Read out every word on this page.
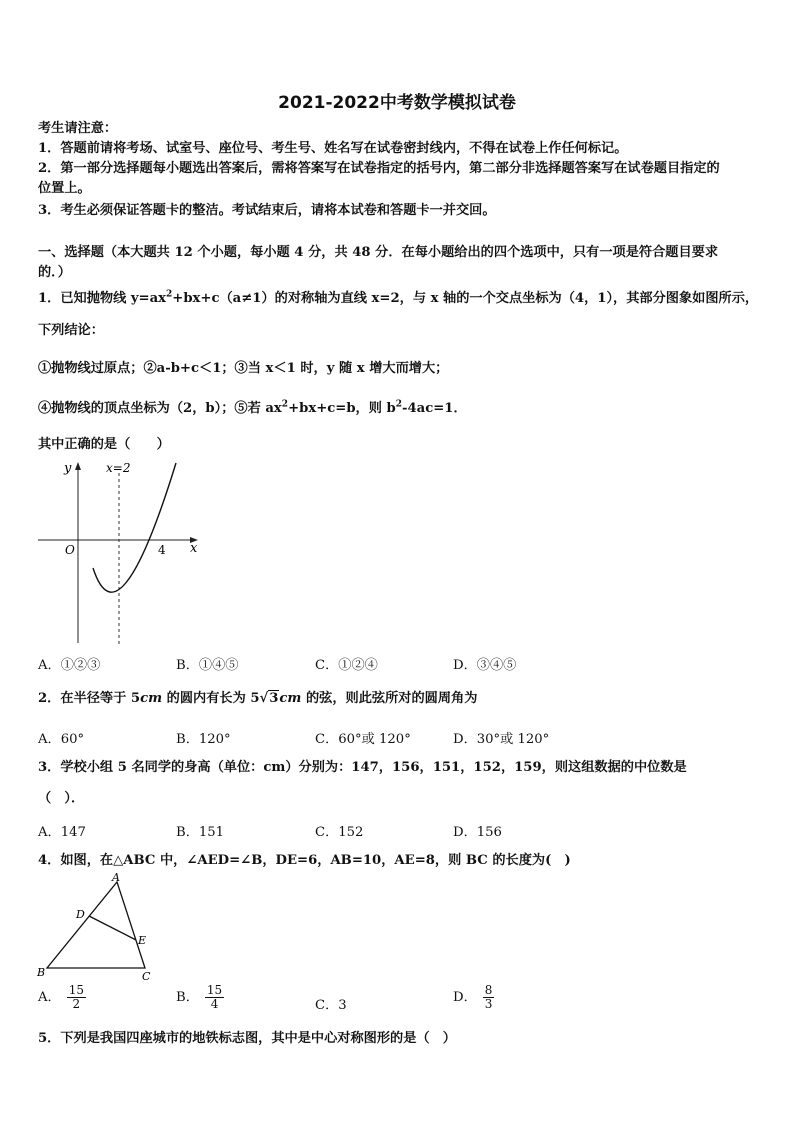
2021-2022中考数学模拟试卷
考生请注意：
1．答题前请将考场、试室号、座位号、考生号、姓名写在试卷密封线内，不得在试卷上作任何标记。
2．第一部分选择题每小题选出答案后，需将答案写在试卷指定的括号内，第二部分非选择题答案写在试卷题目指定的
位置上。
3．考生必须保证答题卡的整洁。考试结束后，请将本试卷和答题卡一并交回。
一、选择题（本大题共 12 个小题，每小题 4 分，共 48 分．在每小题给出的四个选项中，只有一项是符合题目要求
的．）
1．已知抛物线 $y=ax^2+bx+c(a\ne 1)$的对称轴为直线 x=2，与 x 轴的一个交点坐标为（4，1），其部分图象如图所示，
下列结论：
①抛物线过原点；②a-b+c＜1；③当 x＜1 时，y 随 x 增大而增大；
④抛物线的顶点坐标为（2，b）；⑤若 $ax^2+bx+c=b$，则 $b^2-4ac=1$．
其中正确的是（　　）
y	x=2
O	4 x
A．①②③	B．①④⑤	C．①②④	D．③④⑤
2．在半径等于 5cm 的圆内有长为 5√3cm 的弦，则此弦所对的圆周角为
A．60°	B．120°	C．60°或 120°	D．30°或 120°
3．学校小组 5 名同学的身高（单位：cm）分别为：147，156，151，152，159，则这组数据的中位数是
（　）．
A．147	B．151	C．152	D．156
4．如图，在△ABC 中，∠AED=∠B，DE=6，AB=10，AE=8，则 BC 的长度为(　)
A
B	C
D
E
A． $\frac{15}{2}$	B． $\frac{15}{4}$	C．3
D． $\frac{8}{3}$
5．下列是我国四座城市的地铁标志图，其中是中心对称图形的是（　）
